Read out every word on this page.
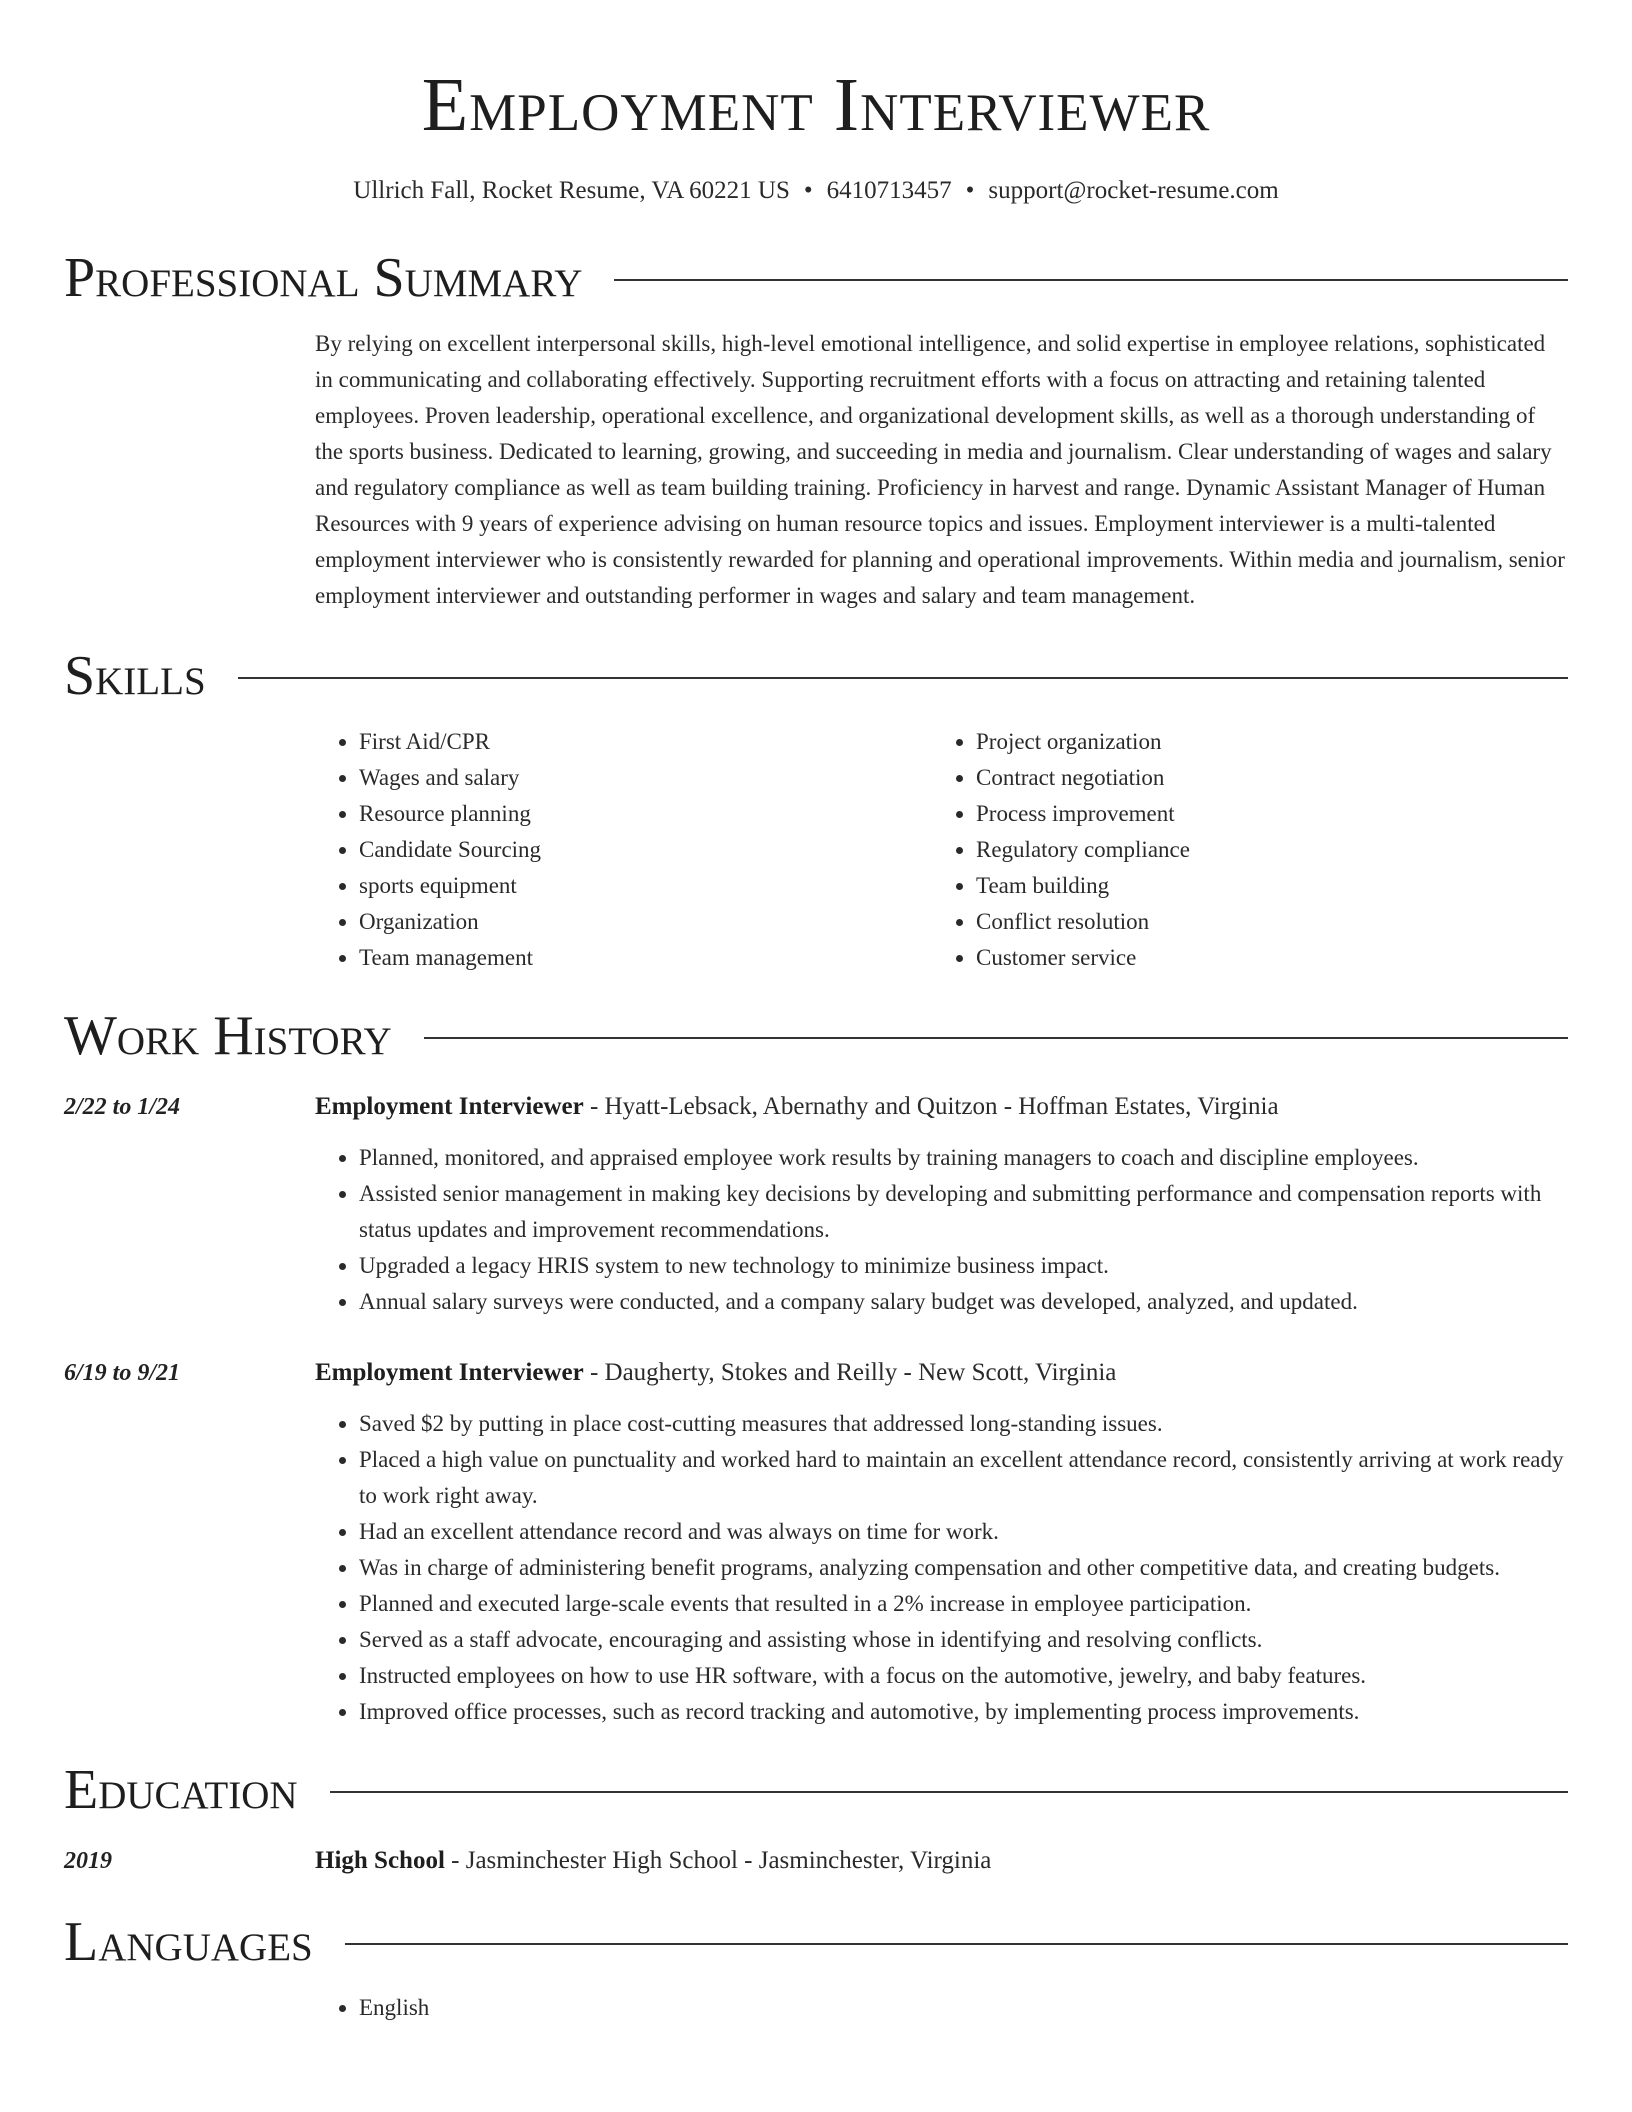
Employment Interviewer
Ullrich Fall, Rocket Resume, VA 60221 US • 6410713457 • support@rocket-resume.com
Professional Summary
By relying on excellent interpersonal skills, high-level emotional intelligence, and solid expertise in employee relations, sophisticated in communicating and collaborating effectively. Supporting recruitment efforts with a focus on attracting and retaining talented employees. Proven leadership, operational excellence, and organizational development skills, as well as a thorough understanding of the sports business. Dedicated to learning, growing, and succeeding in media and journalism. Clear understanding of wages and salary and regulatory compliance as well as team building training. Proficiency in harvest and range. Dynamic Assistant Manager of Human Resources with 9 years of experience advising on human resource topics and issues. Employment interviewer is a multi-talented employment interviewer who is consistently rewarded for planning and operational improvements. Within media and journalism, senior employment interviewer and outstanding performer in wages and salary and team management.
Skills
• First Aid/CPR
• Wages and salary
• Resource planning
• Candidate Sourcing
• sports equipment
• Organization
• Team management
• Project organization
• Contract negotiation
• Process improvement
• Regulatory compliance
• Team building
• Conflict resolution
• Customer service
Work History
2/22 to 1/24	Employment Interviewer - Hyatt-Lebsack, Abernathy and Quitzon - Hoffman Estates, Virginia
• Planned, monitored, and appraised employee work results by training managers to coach and discipline employees.
• Assisted senior management in making key decisions by developing and submitting performance and compensation reports with status updates and improvement recommendations.
• Upgraded a legacy HRIS system to new technology to minimize business impact.
• Annual salary surveys were conducted, and a company salary budget was developed, analyzed, and updated.
6/19 to 9/21	Employment Interviewer - Daugherty, Stokes and Reilly - New Scott, Virginia
• Saved $2 by putting in place cost-cutting measures that addressed long-standing issues.
• Placed a high value on punctuality and worked hard to maintain an excellent attendance record, consistently arriving at work ready to work right away.
• Had an excellent attendance record and was always on time for work.
• Was in charge of administering benefit programs, analyzing compensation and other competitive data, and creating budgets.
• Planned and executed large-scale events that resulted in a 2% increase in employee participation.
• Served as a staff advocate, encouraging and assisting whose in identifying and resolving conflicts.
• Instructed employees on how to use HR software, with a focus on the automotive, jewelry, and baby features.
• Improved office processes, such as record tracking and automotive, by implementing process improvements.
Education
2019	High School - Jasminchester High School - Jasminchester, Virginia
Languages
• English
